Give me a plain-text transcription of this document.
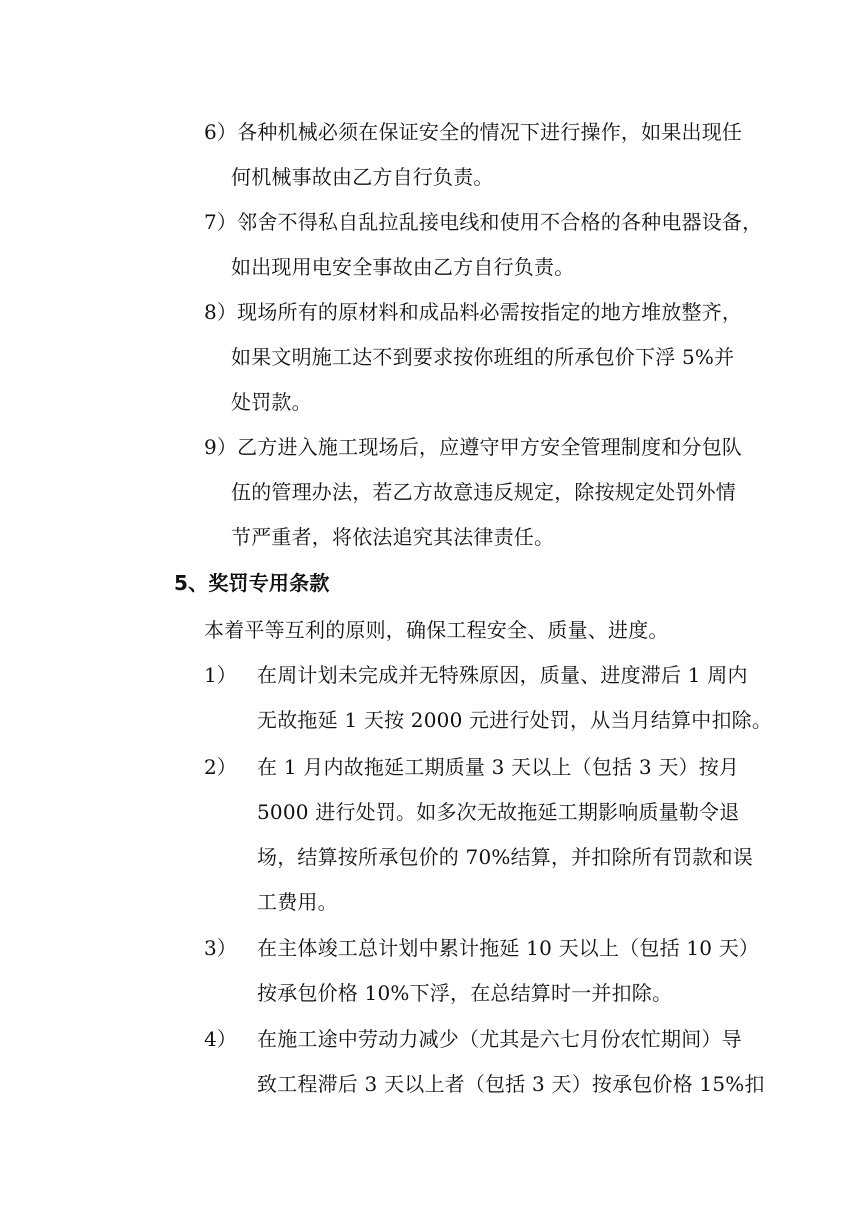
6）各种机械必须在保证安全的情况下进行操作，如果出现任
何机械事故由乙方自行负责。
7）邻舍不得私自乱拉乱接电线和使用不合格的各种电器设备，
如出现用电安全事故由乙方自行负责。
8）现场所有的原材料和成品料必需按指定的地方堆放整齐，
如果文明施工达不到要求按你班组的所承包价下浮 5%并
处罚款。
9）乙方进入施工现场后，应遵守甲方安全管理制度和分包队
伍的管理办法，若乙方故意违反规定，除按规定处罚外情
节严重者，将依法追究其法律责任。
5、奖罚专用条款
本着平等互利的原则，确保工程安全、质量、进度。
1） 在周计划未完成并无特殊原因，质量、进度滞后 1 周内
无故拖延 1 天按 2000 元进行处罚，从当月结算中扣除。
2） 在 1 月内故拖延工期质量 3 天以上（包括 3 天）按月
5000 进行处罚。如多次无故拖延工期影响质量勒令退
场，结算按所承包价的 70%结算，并扣除所有罚款和误
工费用。
3） 在主体竣工总计划中累计拖延 10 天以上（包括 10 天）
按承包价格 10%下浮，在总结算时一并扣除。
4） 在施工途中劳动力减少（尤其是六七月份农忙期间）导
致工程滞后 3 天以上者（包括 3 天）按承包价格 15%扣
